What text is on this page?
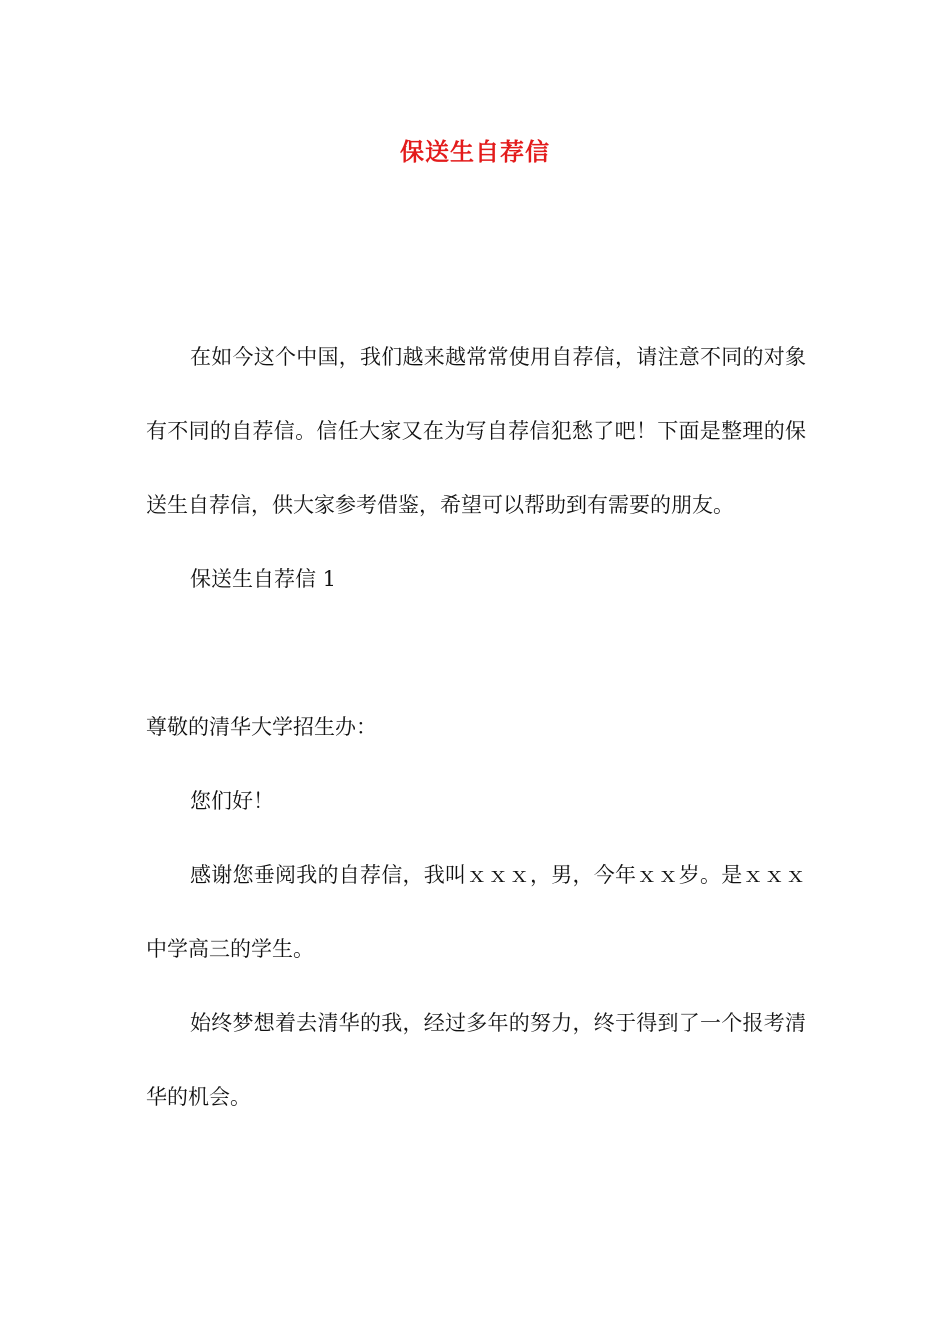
保送生自荐信

在如今这个中国，我们越来越常常使用自荐信，请注意不同的对象有不同的自荐信。信任大家又在为写自荐信犯愁了吧！下面是整理的保送生自荐信，供大家参考借鉴，希望可以帮助到有需要的朋友。

保送生自荐信 1

尊敬的清华大学招生办：

您们好！

感谢您垂阅我的自荐信，我叫ｘｘｘ，男，今年ｘｘ岁。是ｘｘｘ中学高三的学生。

始终梦想着去清华的我，经过多年的努力，终于得到了一个报考清华的机会。
